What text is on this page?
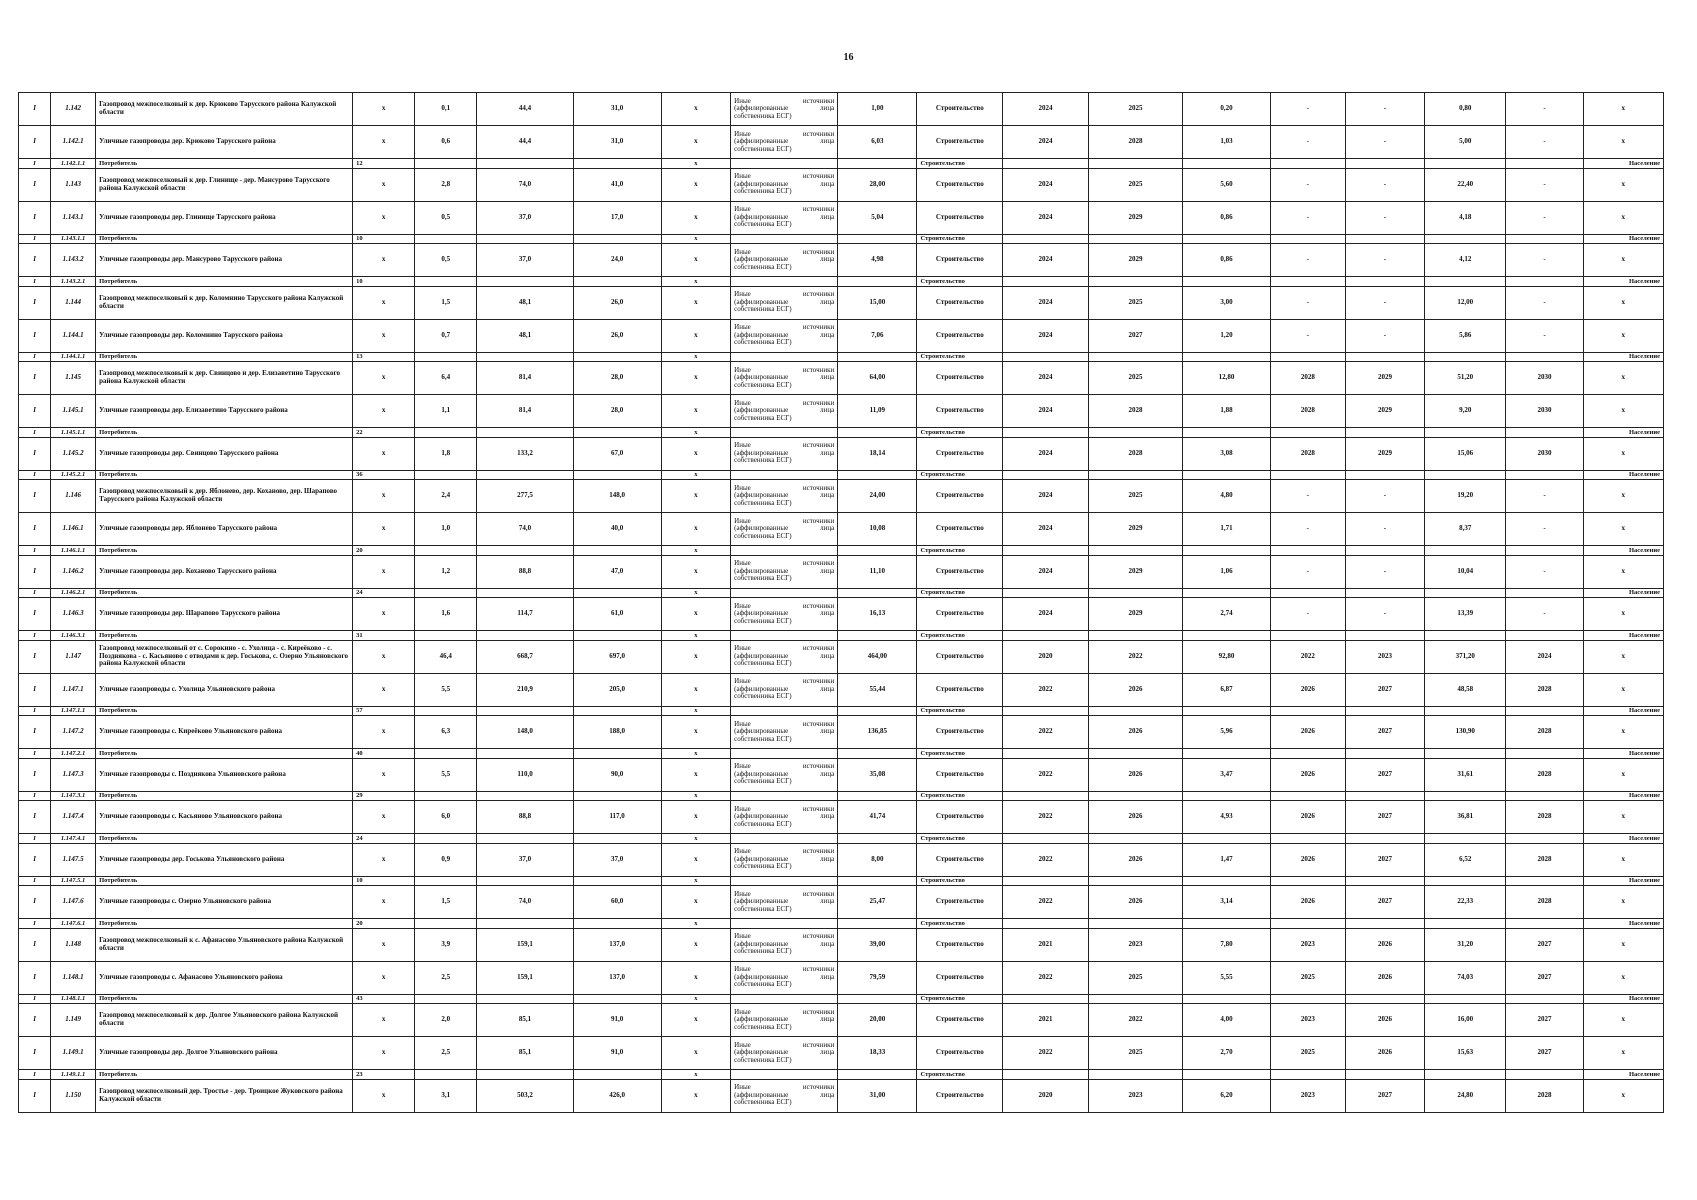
16
I	1.142	Газопровод межпоселковый к дер. Крюково Тарусского района Калужской области	x	0,1	44,4	31,0	x	Иные источники (аффилированные лица собственника ЕСГ)	1,00	Строительство	2024	2025	0,20	-	-	0,80	-	x
I	1.142.1	Уличные газопроводы дер. Крюково Тарусского района	x	0,6	44,4	31,0	x	Иные источники (аффилированные лица собственника ЕСГ)	6,03	Строительство	2024	2028	1,03	-	-	5,00	-	x
I	1.142.1.1	Потребитель	12				x			Строительство								Население
I	1.143	Газопровод межпоселковый к дер. Глинище - дер. Мансурово Тарусского района Калужской области	x	2,8	74,0	41,0	x	Иные источники (аффилированные лица собственника ЕСГ)	28,00	Строительство	2024	2025	5,60	-	-	22,40	-	x
I	1.143.1	Уличные газопроводы дер. Глинище Тарусского района	x	0,5	37,0	17,0	x	Иные источники (аффилированные лица собственника ЕСГ)	5,04	Строительство	2024	2029	0,86	-	-	4,18	-	x
I	1.143.1.1	Потребитель	10				x			Строительство								Население
I	1.143.2	Уличные газопроводы дер. Мансурово Тарусского района	x	0,5	37,0	24,0	x	Иные источники (аффилированные лица собственника ЕСГ)	4,98	Строительство	2024	2029	0,86	-	-	4,12	-	x
I	1.143.2.1	Потребитель	10				x			Строительство								Население
I	1.144	Газопровод межпоселковый к дер. Коломнино Тарусского района Калужской области	x	1,5	48,1	26,0	x	Иные источники (аффилированные лица собственника ЕСГ)	15,00	Строительство	2024	2025	3,00	-	-	12,00	-	x
I	1.144.1	Уличные газопроводы дер. Коломнино Тарусского района	x	0,7	48,1	26,0	x	Иные источники (аффилированные лица собственника ЕСГ)	7,06	Строительство	2024	2027	1,20	-	-	5,86	-	x
I	1.144.1.1	Потребитель	13				x			Строительство								Население
I	1.145	Газопровод межпоселковый к дер. Свинцово и дер. Елизаветино Тарусского района Калужской области	x	6,4	81,4	28,0	x	Иные источники (аффилированные лица собственника ЕСГ)	64,00	Строительство	2024	2025	12,80	2028	2029	51,20	2030	x
I	1.145.1	Уличные газопроводы дер. Елизаветино Тарусского района	x	1,1	81,4	28,0	x	Иные источники (аффилированные лица собственника ЕСГ)	11,09	Строительство	2024	2028	1,88	2028	2029	9,20	2030	x
I	1.145.1.1	Потребитель	22				x			Строительство								Население
I	1.145.2	Уличные газопроводы дер. Свинцово Тарусского района	x	1,8	133,2	67,0	x	Иные источники (аффилированные лица собственника ЕСГ)	18,14	Строительство	2024	2028	3,08	2028	2029	15,06	2030	x
I	1.145.2.1	Потребитель	36				x			Строительство								Население
I	1.146	Газопровод межпоселковый к дер. Яблонево, дер. Кохановo, дер. Шарапово Тарусского района Калужской области	x	2,4	277,5	148,0	x	Иные источники (аффилированные лица собственника ЕСГ)	24,00	Строительство	2024	2025	4,80	-	-	19,20	-	x
I	1.146.1	Уличные газопроводы дер. Яблонево Тарусского района	x	1,0	74,0	40,0	x	Иные источники (аффилированные лица собственника ЕСГ)	10,08	Строительство	2024	2029	1,71	-	-	8,37	-	x
I	1.146.1.1	Потребитель	20				x			Строительство								Население
I	1.146.2	Уличные газопроводы дер. Коханово Тарусского района	x	1,2	88,8	47,0	x	Иные источники (аффилированные лица собственника ЕСГ)	11,10	Строительство	2024	2029	1,06	-	-	10,04	-	x
I	1.146.2.1	Потребитель	24				x			Строительство								Население
I	1.146.3	Уличные газопроводы дер. Шарапово Тарусского района	x	1,6	114,7	61,0	x	Иные источники (аффилированные лица собственника ЕСГ)	16,13	Строительство	2024	2029	2,74	-	-	13,39	-	x
I	1.146.3.1	Потребитель	31				x			Строительство								Население
I	1.147	Газопровод межпоселковый от с. Сорокино - с. Ухолица - с. Киреёково - с. Позднякова - с. Касьяново с отводами к дер. Госькова, с. Озерно Ульяновского района Калужской области	x	46,4	668,7	697,0	x	Иные источники (аффилированные лица собственника ЕСГ)	464,00	Строительство	2020	2022	92,80	2022	2023	371,20	2024	x
I	1.147.1	Уличные газопроводы с. Ухолица Ульяновского района	x	5,5	210,9	205,0	x	Иные источники (аффилированные лица собственника ЕСГ)	55,44	Строительство	2022	2026	6,87	2026	2027	48,58	2028	x
I	1.147.1.1	Потребитель	57				x			Строительство								Население
I	1.147.2	Уличные газопроводы с. Киреёково Ульяновского района	x	6,3	148,0	188,0	x	Иные источники (аффилированные лица собственника ЕСГ)	136,85	Строительство	2022	2026	5,96	2026	2027	130,90	2028	x
I	1.147.2.1	Потребитель	40				x			Строительство								Население
I	1.147.3	Уличные газопроводы с. Позднякова Ульяновского района	x	5,5	110,0	90,0	x	Иные источники (аффилированные лица собственника ЕСГ)	35,08	Строительство	2022	2026	3,47	2026	2027	31,61	2028	x
I	1.147.3.1	Потребитель	29				x			Строительство								Население
I	1.147.4	Уличные газопроводы с. Касьяново Ульяновского района	x	6,0	88,8	117,0	x	Иные источники (аффилированные лица собственника ЕСГ)	41,74	Строительство	2022	2026	4,93	2026	2027	36,81	2028	x
I	1.147.4.1	Потребитель	24				x			Строительство								Население
I	1.147.5	Уличные газопроводы дер. Госькова Ульяновского района	x	0,9	37,0	37,0	x	Иные источники (аффилированные лица собственника ЕСГ)	8,00	Строительство	2022	2026	1,47	2026	2027	6,52	2028	x
I	1.147.5.1	Потребитель	10				x			Строительство								Население
I	1.147.6	Уличные газопроводы с. Озерно Ульяновского района	x	1,5	74,0	60,0	x	Иные источники (аффилированные лица собственника ЕСГ)	25,47	Строительство	2022	2026	3,14	2026	2027	22,33	2028	x
I	1.147.6.1	Потребитель	20				x			Строительство								Население
I	1.148	Газопровод межпоселковый к с. Афанасово Ульяновского района Калужской области	x	3,9	159,1	137,0	x	Иные источники (аффилированные лица собственника ЕСГ)	39,00	Строительство	2021	2023	7,80	2023	2026	31,20	2027	x
I	1.148.1	Уличные газопроводы с. Афанасово Ульяновского района	x	2,5	159,1	137,0	x	Иные источники (аффилированные лица собственника ЕСГ)	79,59	Строительство	2022	2025	5,55	2025	2026	74,03	2027	x
I	1.148.1.1	Потребитель	43				x			Строительство								Население
I	1.149	Газопровод межпоселковый к дер. Долгое Ульяновского района Калужской области	x	2,0	85,1	91,0	x	Иные источники (аффилированные лица собственника ЕСГ)	20,00	Строительство	2021	2022	4,00	2023	2026	16,00	2027	x
I	1.149.1	Уличные газопроводы дер. Долгое Ульяновского района	x	2,5	85,1	91,0	x	Иные источники (аффилированные лица собственника ЕСГ)	18,33	Строительство	2022	2025	2,70	2025	2026	15,63	2027	x
I	1.149.1.1	Потребитель	23				x			Строительство								Население
I	1.150	Газопровод межпоселковый дер. Тростье - дер. Троицкое Жуковского района Калужской области	x	3,1	503,2	426,0	x	Иные источники (аффилированные лица собственника ЕСГ)	31,00	Строительство	2020	2023	6,20	2023	2027	24,80	2028	x
